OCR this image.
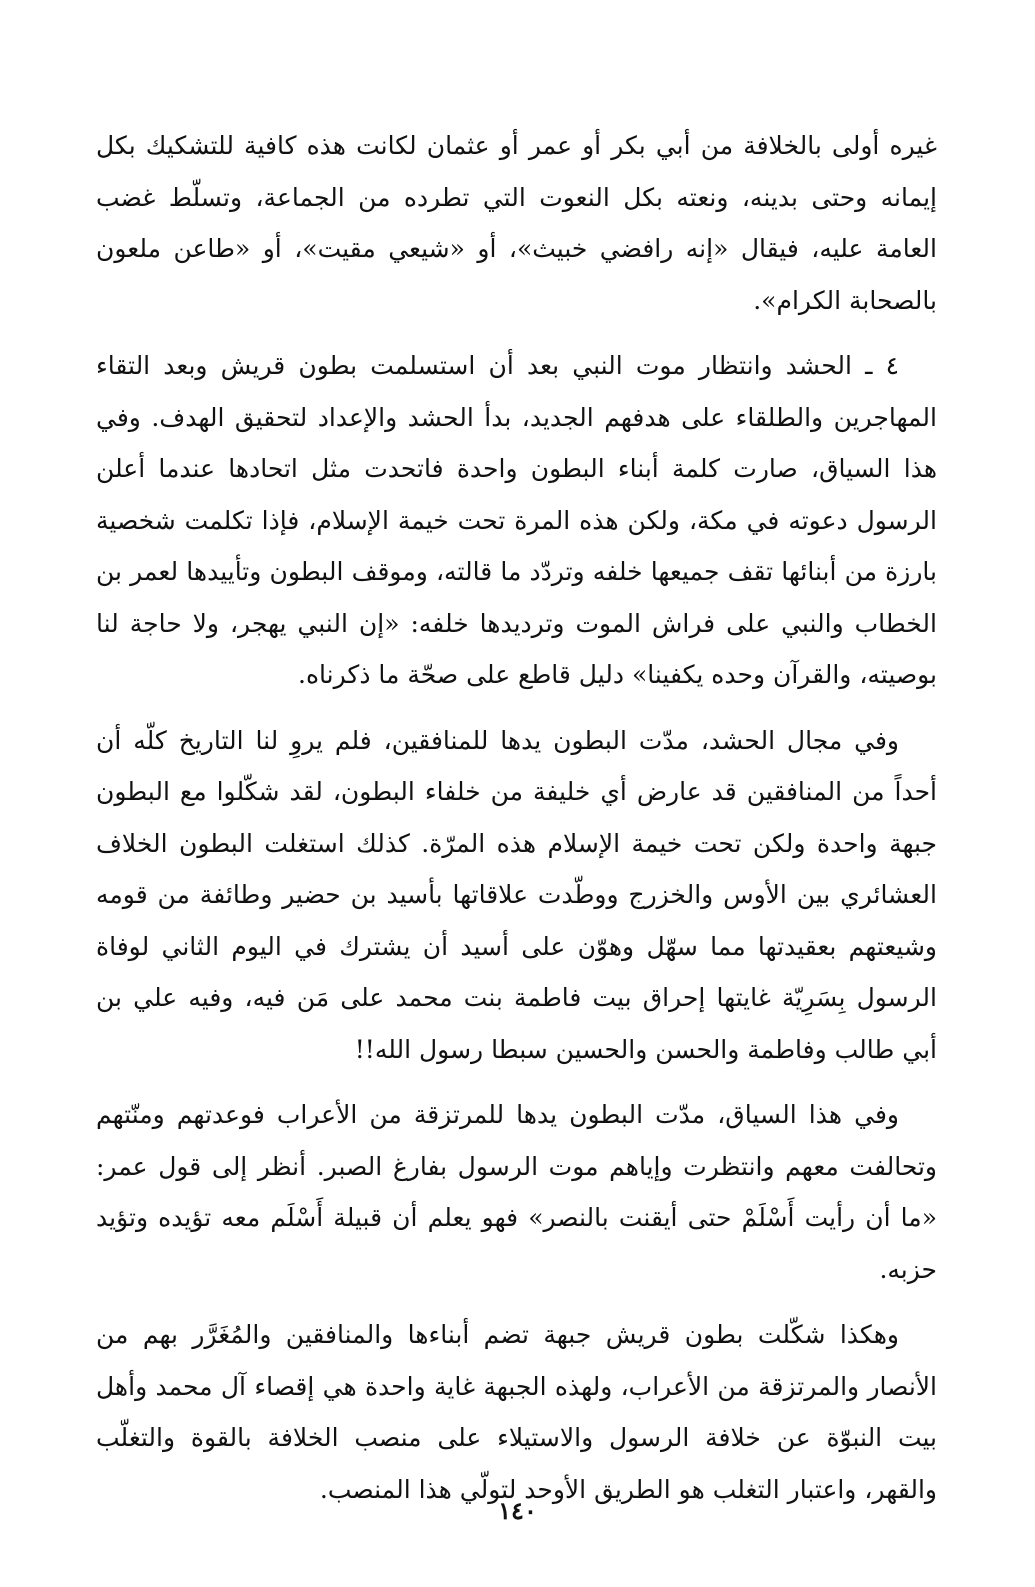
غيره أولى بالخلافة من أبي بكر أو عمر أو عثمان لكانت هذه كافية للتشكيك بكل إيمانه وحتى بدينه، ونعته بكل النعوت التي تطرده من الجماعة، وتسلّط غضب العامة عليه، فيقال «إنه رافضي خبيث»، أو «شيعي مقيت»، أو «طاعن ملعون بالصحابة الكرام».

٤ ـ الحشد وانتظار موت النبي بعد أن استسلمت بطون قريش وبعد التقاء المهاجرين والطلقاء على هدفهم الجديد، بدأ الحشد والإعداد لتحقيق الهدف. وفي هذا السياق، صارت كلمة أبناء البطون واحدة فاتحدت مثل اتحادها عندما أعلن الرسول دعوته في مكة، ولكن هذه المرة تحت خيمة الإسلام، فإذا تكلمت شخصية بارزة من أبنائها تقف جميعها خلفه وتردّد ما قالته، وموقف البطون وتأييدها لعمر بن الخطاب والنبي على فراش الموت وترديدها خلفه: «إن النبي يهجر، ولا حاجة لنا بوصيته، والقرآن وحده يكفينا» دليل قاطع على صحّة ما ذكرناه.

وفي مجال الحشد، مدّت البطون يدها للمنافقين، فلم يروِ لنا التاريخ كلّه أن أحداً من المنافقين قد عارض أي خليفة من خلفاء البطون، لقد شكّلوا مع البطون جبهة واحدة ولكن تحت خيمة الإسلام هذه المرّة. كذلك استغلت البطون الخلاف العشائري بين الأوس والخزرج ووطّدت علاقاتها بأسيد بن حضير وطائفة من قومه وشيعتهم بعقيدتها مما سهّل وهوّن على أسيد أن يشترك في اليوم الثاني لوفاة الرسول بِسَرِيّة غايتها إحراق بيت فاطمة بنت محمد على مَن فيه، وفيه علي بن أبي طالب وفاطمة والحسن والحسين سبطا رسول الله!!

وفي هذا السياق، مدّت البطون يدها للمرتزقة من الأعراب فوعدتهم ومنّتهم وتحالفت معهم وانتظرت وإياهم موت الرسول بفارغ الصبر. أنظر إلى قول عمر: «ما أن رأيت أَسْلَمْ حتى أيقنت بالنصر» فهو يعلم أن قبيلة أَسْلَم معه تؤيده وتؤيد حزبه.

وهكذا شكّلت بطون قريش جبهة تضم أبناءها والمنافقين والمُغَرَّر بهم من الأنصار والمرتزقة من الأعراب، ولهذه الجبهة غاية واحدة هي إقصاء آل محمد وأهل بيت النبوّة عن خلافة الرسول والاستيلاء على منصب الخلافة بالقوة والتغلّب والقهر، واعتبار التغلب هو الطريق الأوحد لتولّي هذا المنصب.

١٤٠
